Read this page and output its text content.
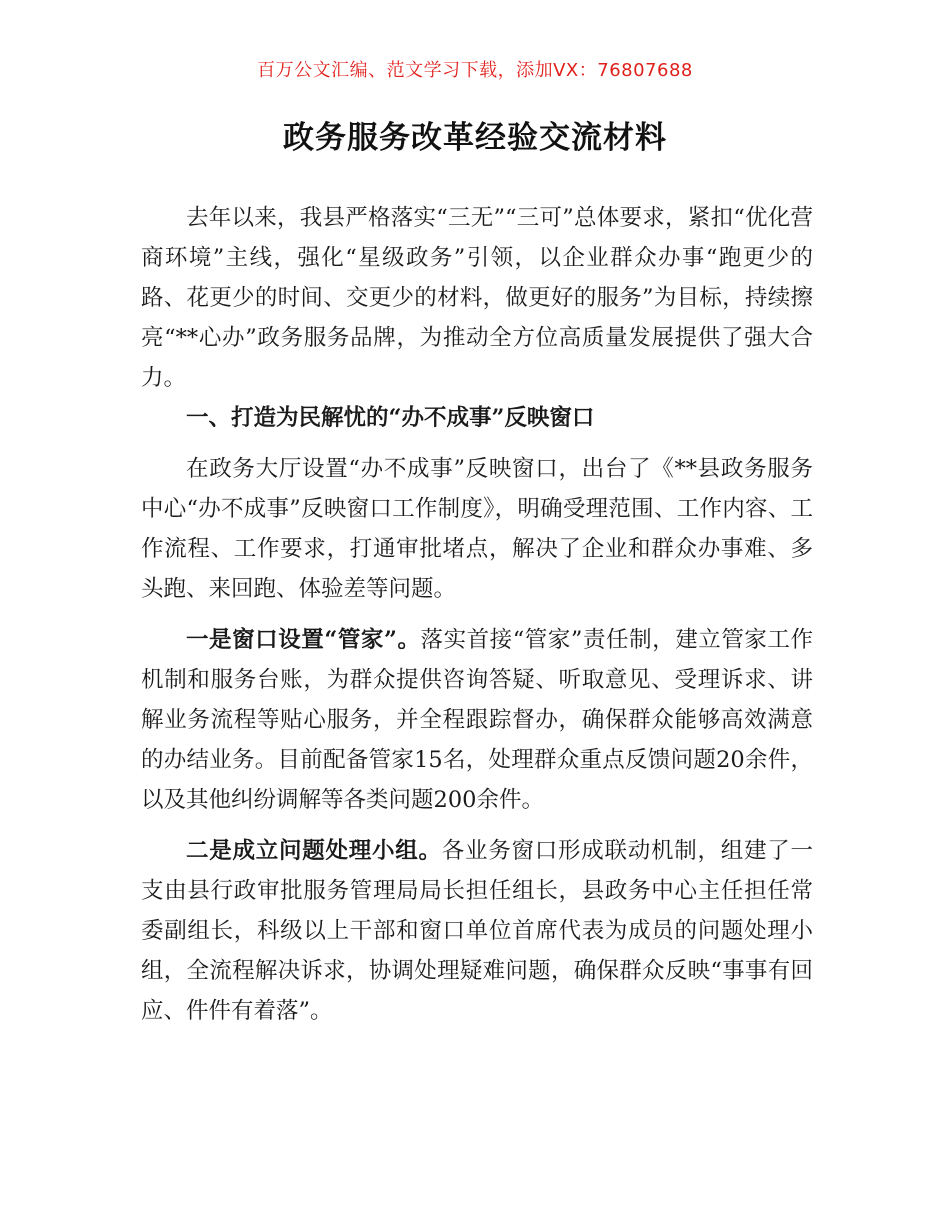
百万公文汇编、范文学习下载，添加VX：76807688
政务服务改革经验交流材料

去年以来，我县严格落实“三无”“三可”总体要求，紧扣“优化营商环境”主线，强化“星级政务”引领，以企业群众办事“跑更少的路、花更少的时间、交更少的材料，做更好的服务”为目标，持续擦亮“**心办”政务服务品牌，为推动全方位高质量发展提供了强大合力。

一、打造为民解忧的“办不成事”反映窗口

在政务大厅设置“办不成事”反映窗口，出台了《**县政务服务中心“办不成事”反映窗口工作制度》，明确受理范围、工作内容、工作流程、工作要求，打通审批堵点，解决了企业和群众办事难、多头跑、来回跑、体验差等问题。

一是窗口设置“管家”。落实首接“管家”责任制，建立管家工作机制和服务台账，为群众提供咨询答疑、听取意见、受理诉求、讲解业务流程等贴心服务，并全程跟踪督办，确保群众能够高效满意的办结业务。目前配备管家15名，处理群众重点反馈问题20余件，以及其他纠纷调解等各类问题200余件。

二是成立问题处理小组。各业务窗口形成联动机制，组建了一支由县行政审批服务管理局局长担任组长，县政务中心主任担任常委副组长，科级以上干部和窗口单位首席代表为成员的问题处理小组，全流程解决诉求，协调处理疑难问题，确保群众反映“事事有回应、件件有着落”。
